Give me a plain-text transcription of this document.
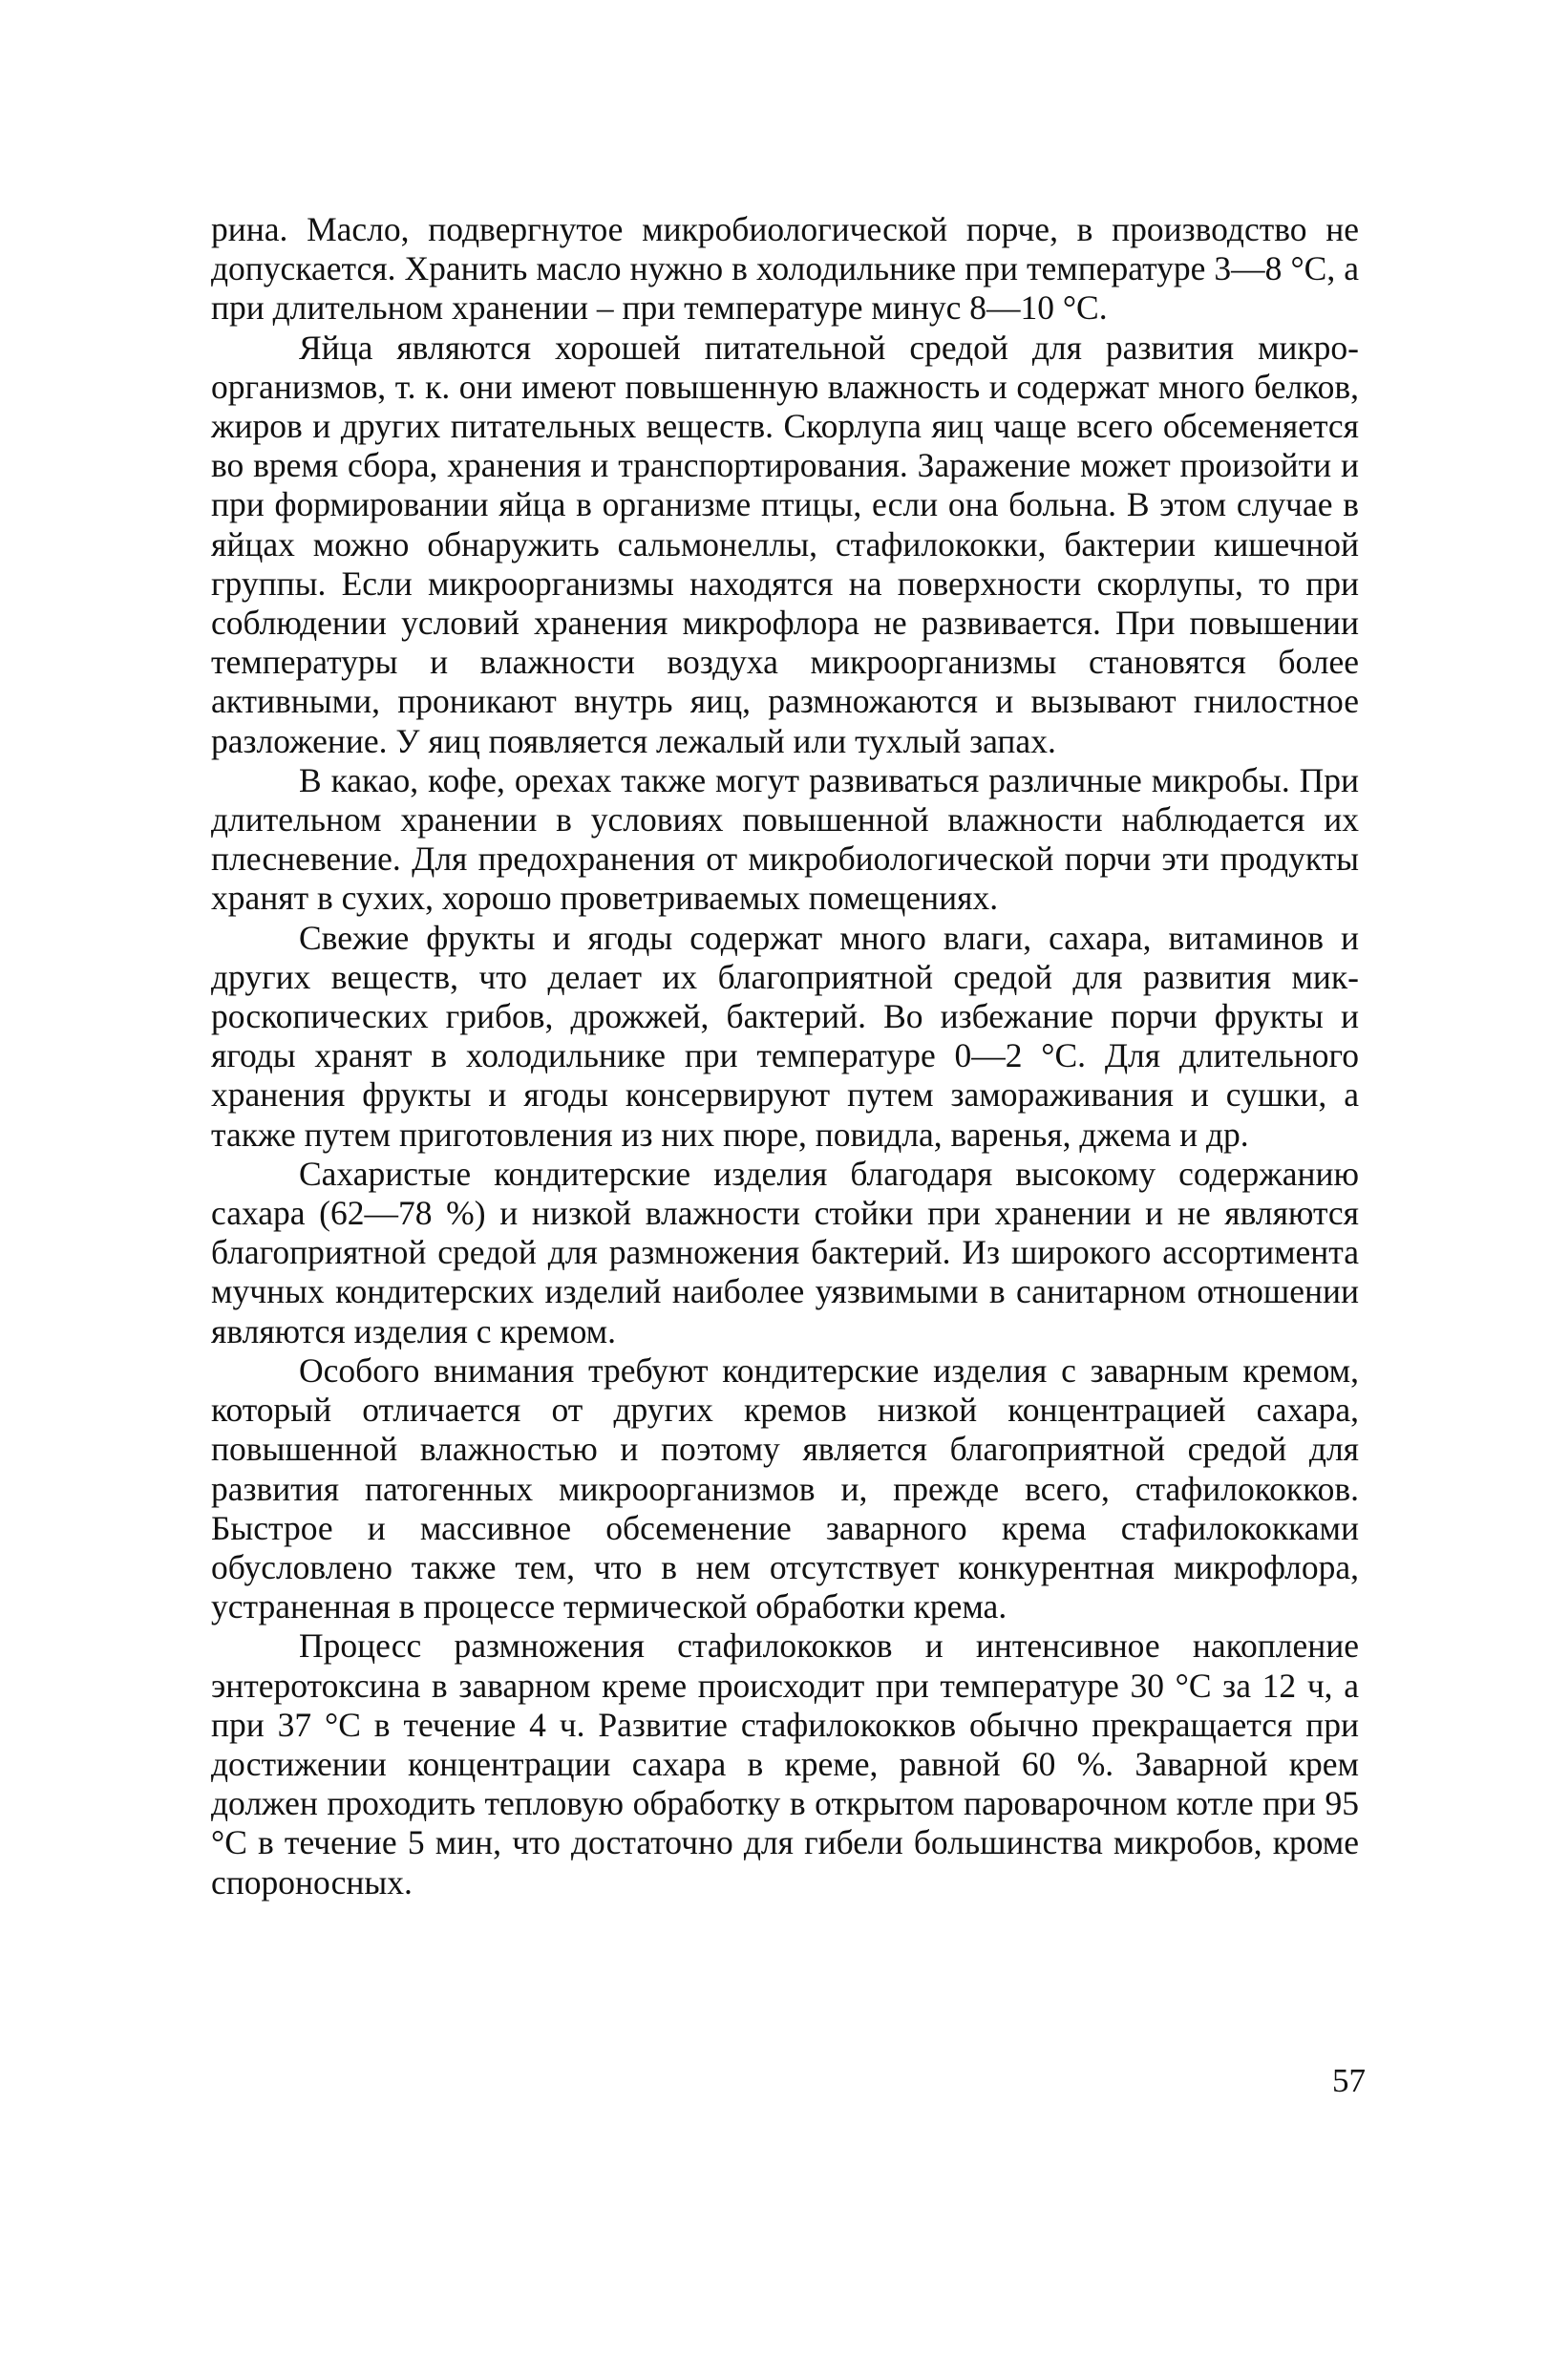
рина. Масло, подвергнутое микробиологической порче, в производство не допускается. Хранить масло нужно в холодильнике при температуре 3—8 °С, а при длительном хранении – при температуре минус 8—10 °С.

Яйца являются хорошей питательной средой для развития микроорганизмов, т. к. они имеют повышенную влажность и содержат много белков, жиров и других питательных веществ. Скорлупа яиц чаще всего обсеменяется во время сбора, хранения и транспортирования. Заражение может произойти и при формировании яйца в организме птицы, если она больна. В этом случае в яйцах можно обнаружить сальмонеллы, стафилококки, бактерии кишечной группы. Если микроорганизмы находятся на поверхности скорлупы, то при соблюдении условий хранения микрофлора не развивается. При повышении температуры и влажности воздуха микроорганизмы становятся более активными, проникают внутрь яиц, размножаются и вызывают гнилостное разложение. У яиц появляется лежалый или тухлый запах.

В какао, кофе, орехах также могут развиваться различные микробы. При длительном хранении в условиях повышенной влажности наблюдается их плесневение. Для предохранения от микробиологической порчи эти продукты хранят в сухих, хорошо проветриваемых помещениях.

Свежие фрукты и ягоды содержат много влаги, сахара, витаминов и других веществ, что делает их благоприятной средой для развития микроскопических грибов, дрожжей, бактерий. Во избежание порчи фрукты и ягоды хранят в холодильнике при температуре 0—2 °С. Для длительного хранения фрукты и ягоды консервируют путем замораживания и сушки, а также путем приготовления из них пюре, повидла, варенья, джема и др.

Сахаристые кондитерские изделия благодаря высокому содержанию сахара (62—78 %) и низкой влажности стойки при хранении и не являются благоприятной средой для размножения бактерий. Из широкого ассортимента мучных кондитерских изделий наиболее уязвимыми в санитарном отношении являются изделия с кремом.

Особого внимания требуют кондитерские изделия с заварным кремом, который отличается от других кремов низкой концентрацией сахара, повышенной влажностью и поэтому является благоприятной средой для развития патогенных микроорганизмов и, прежде всего, стафилококков. Быстрое и массивное обсеменение заварного крема стафилококками обусловлено также тем, что в нем отсутствует конкурентная микрофлора, устраненная в процессе термической обработки крема.

Процесс размножения стафилококков и интенсивное накопление энтеротоксина в заварном креме происходит при температуре 30 °С за 12 ч, а при 37 °С в течение 4 ч. Развитие стафилококков обычно прекращается при достижении концентрации сахара в креме, равной 60 %. Заварной крем должен проходить тепловую обработку в открытом пароварочном котле при 95 °С в течение 5 мин, что достаточно для гибели большинства микробов, кроме спороносных.

57
